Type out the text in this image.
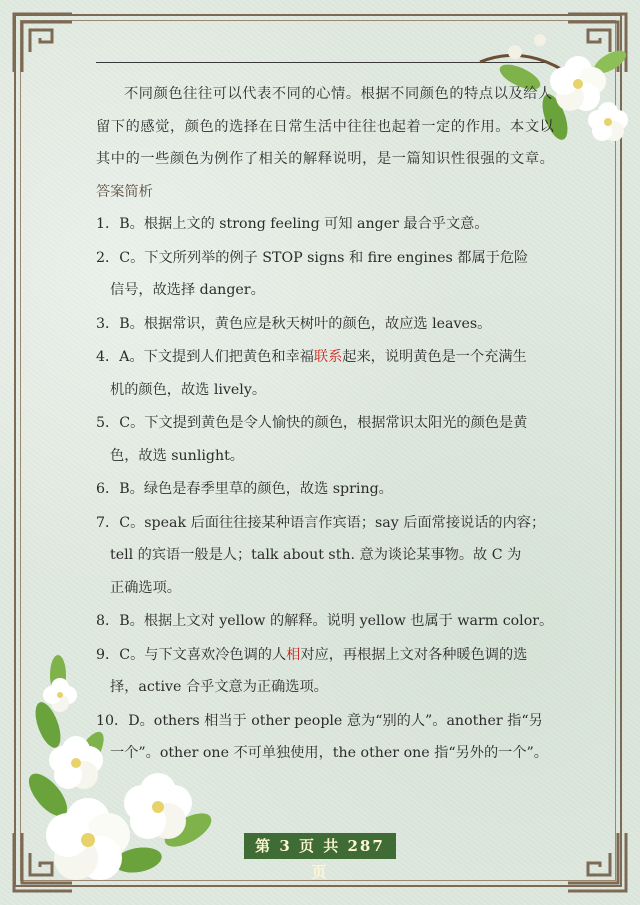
不同颜色往往可以代表不同的心情。根据不同颜色的特点以及给人留下的感觉，颜色的选择在日常生活中往往也起着一定的作用。本文以其中的一些颜色为例作了相关的解释说明，是一篇知识性很强的文章。

答案简析

1．B。根据上文的 strong feeling 可知 anger 最合乎文意。
2．C。下文所列举的例子 STOP signs 和 fire engines 都属于危险
信号，故选择 danger。
3．B。根据常识，黄色应是秋天树叶的颜色，故应选 leaves。
4．A。下文提到人们把黄色和幸福联系起来，说明黄色是一个充满生
机的颜色，故选 lively。
5．C。下文提到黄色是令人愉快的颜色，根据常识太阳光的颜色是黄
色，故选 sunlight。
6．B。绿色是春季里草的颜色，故选 spring。
7．C。speak 后面往往接某种语言作宾语；say 后面常接说话的内容；
tell 的宾语一般是人；talk about sth. 意为谈论某事物。故 C 为
正确选项。
8．B。根据上文对 yellow 的解释。说明 yellow 也属于 warm color。
9．C。与下文喜欢冷色调的人相对应，再根据上文对各种暖色调的选
择，active 合乎文意为正确选项。
10．D。others 相当于 other people 意为“别的人”。another 指“另
一个”。other one 不可单独使用，the other one 指“另外的一个”。
第 3 页 共 287 页
